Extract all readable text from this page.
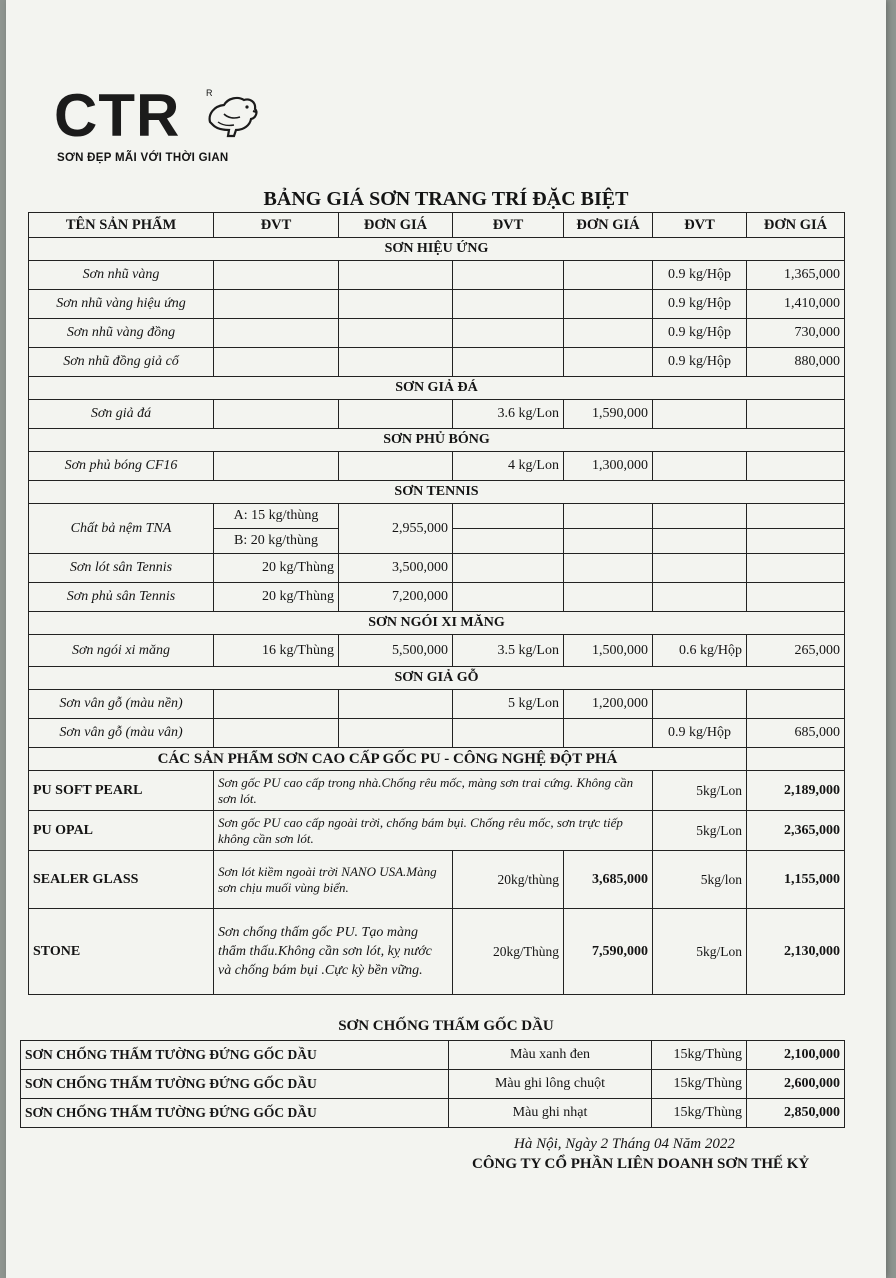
CTR	R
SƠN ĐẸP MÃI VỚI THỜI GIAN
BẢNG GIÁ SƠN TRANG TRÍ ĐẶC BIỆT
TÊN SẢN PHẨM	ĐVT	ĐƠN GIÁ	ĐVT	ĐƠN GIÁ	ĐVT	ĐƠN GIÁ
SƠN HIỆU ỨNG						
Sơn nhũ vàng					0.9 kg/Hộp	1,365,000
Sơn nhũ vàng hiệu ứng					0.9 kg/Hộp	1,410,000
Sơn nhũ vàng đồng					0.9 kg/Hộp	730,000
Sơn nhũ đồng giả cổ					0.9 kg/Hộp	880,000
SƠN GIẢ ĐÁ						
Sơn giả đá			3.6 kg/Lon	1,590,000		
SƠN PHỦ BÓNG						
Sơn phủ bóng CF16			4 kg/Lon	1,300,000		
SƠN TENNIS						
Chất bả nệm TNA	A: 15 kg/thùng	2,955,000				
	B: 20 kg/thùng					
Sơn lót sân Tennis	20 kg/Thùng	3,500,000				
Sơn phủ sân Tennis	20 kg/Thùng	7,200,000				
SƠN NGÓI XI MĂNG						
Sơn ngói xi măng	16 kg/Thùng	5,500,000	3.5 kg/Lon	1,500,000	0.6 kg/Hộp	265,000
SƠN GIẢ GỖ						
Sơn vân gỗ (màu nền)			5 kg/Lon	1,200,000		
Sơn vân gỗ (màu vân)					0.9 kg/Hộp	685,000
CÁC SẢN PHẨM SƠN CAO CẤP GỐC PU - CÔNG NGHỆ ĐỘT PHÁ						
PU SOFT PEARL	Sơn gốc PU cao cấp trong nhà.Chống rêu mốc, màng sơn trai cứng. Không cần sơn lót.				5kg/Lon	2,189,000
PU OPAL	Sơn gốc PU cao cấp ngoài trời, chống bám bụi. Chống rêu mốc, sơn trực tiếp không cần sơn lót.				5kg/Lon	2,365,000
SEALER GLASS	Sơn lót kiềm ngoài trời NANO USA.Màng sơn chịu muối vùng biển.		20kg/thùng	3,685,000	5kg/lon	1,155,000
STONE	Sơn chống thấm gốc PU. Tạo màng thẩm thấu.Không cần sơn lót, kỵ nước và chống bám bụi .Cực kỳ bền vững.		20kg/Thùng	7,590,000	5kg/Lon	2,130,000
SƠN CHỐNG THẤM GỐC DẦU
SƠN CHỐNG THẤM TƯỜNG ĐỨNG GỐC DẦU	Màu xanh đen	15kg/Thùng	2,100,000
SƠN CHỐNG THẤM TƯỜNG ĐỨNG GỐC DẦU	Màu ghi lông chuột	15kg/Thùng	2,600,000
SƠN CHỐNG THẤM TƯỜNG ĐỨNG GỐC DẦU	Màu ghi nhạt	15kg/Thùng	2,850,000
Hà Nội, Ngày 2 Tháng 04 Năm 2022
CÔNG TY CỔ PHẦN LIÊN DOANH SƠN THẾ KỶ
